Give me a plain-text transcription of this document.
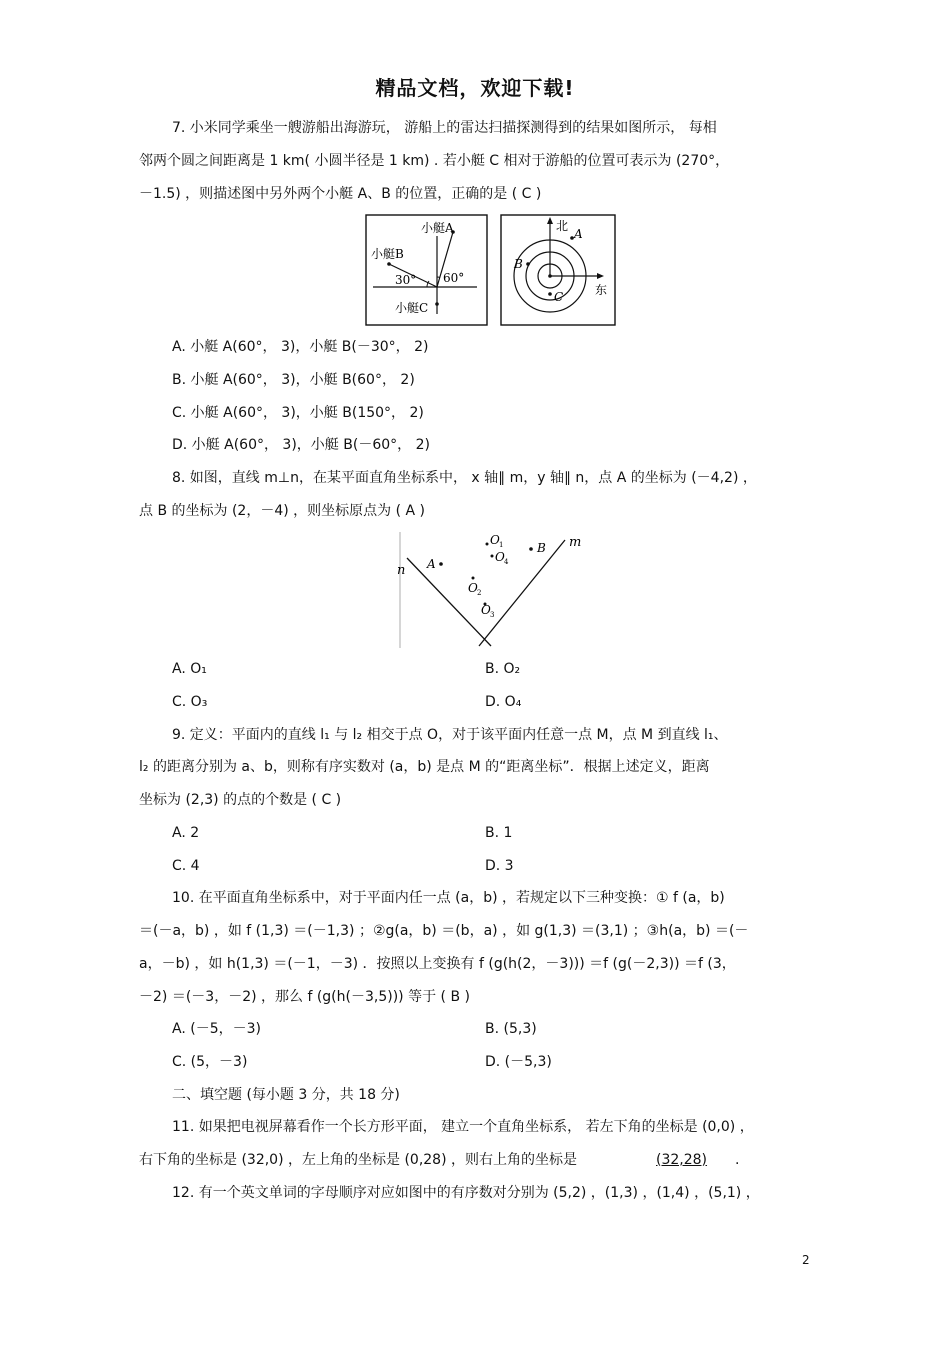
精品文档，欢迎下载!
7. 小米同学乘坐一艘游船出海游玩， 游船上的雷达扫描探测得到的结果如图所示， 每相
邻两个圆之间距离是 1 km( 小圆半径是 1 km) . 若小艇 C 相对于游船的位置可表示为 (270°，
－1.5) ，则描述图中另外两个小艇 A、B 的位置，正确的是 ( C )
小艇A
小艇B
30° 60°
小艇C
北
东
A
B
C
A. 小艇 A(60°， 3)，小艇 B(－30°， 2)
B. 小艇 A(60°， 3)，小艇 B(60°， 2)
C. 小艇 A(60°， 3)，小艇 B(150°， 2)
D. 小艇 A(60°， 3)，小艇 B(－60°， 2)
8. 如图，直线 m⊥n，在某平面直角坐标系中， x 轴∥ m，y 轴∥ n，点 A 的坐标为 (－4,2) ，
点 B 的坐标为 (2，－4) ，则坐标原点为 ( A )
n
m
A
B
O 1
O 4
O 2
O 3
A. O₁	B. O₂
C. O₃	D. O₄
9. 定义：平面内的直线 l₁ 与 l₂ 相交于点 O，对于该平面内任意一点 M，点 M 到直线 l₁、
l₂ 的距离分别为 a、b，则称有序实数对 (a，b) 是点 M 的“距离坐标”．根据上述定义，距离
坐标为 (2,3) 的点的个数是 ( C )
A. 2	B. 1
C. 4	D. 3
10. 在平面直角坐标系中，对于平面内任一点 (a，b) ，若规定以下三种变换：① f (a，b)
＝(－a，b) ，如 f (1,3) ＝(－1,3) ；②g(a，b) ＝(b，a) ，如 g(1,3) ＝(3,1) ；③h(a，b) ＝(－
a，－b) ，如 h(1,3) ＝(－1，－3) ．按照以上变换有 f (g(h(2，－3))) ＝f (g(－2,3)) ＝f (3，
－2) ＝(－3，－2) ，那么 f (g(h(－3,5))) 等于 ( B )
A. (－5，－3)	B. (5,3)
C. (5，－3)	D. (－5,3)
二、填空题 (每小题 3 分，共 18 分)
11. 如果把电视屏幕看作一个长方形平面， 建立一个直角坐标系， 若左下角的坐标是 (0,0) ，
右下角的坐标是 (32,0) ，左上角的坐标是 (0,28) ，则右上角的坐标是	(32,28)	.
12. 有一个英文单词的字母顺序对应如图中的有序数对分别为 (5,2) ，(1,3) ，(1,4) ，(5,1) ，
2
